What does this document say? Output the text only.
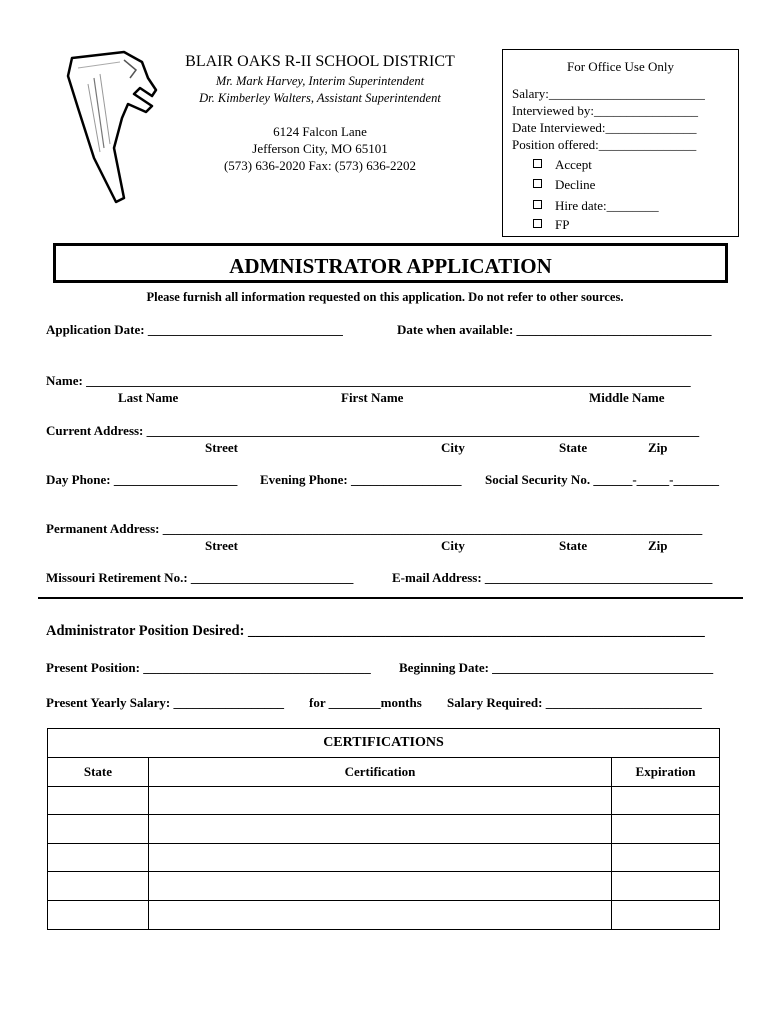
BLAIR OAKS R-II SCHOOL DISTRICT
Mr. Mark Harvey, Interim Superintendent
Dr. Kimberley Walters, Assistant Superintendent
6124 Falcon Lane
Jefferson City, MO 65101
(573) 636-2020 Fax: (573) 636-2202
For Office Use Only
Salary:________________________
Interviewed by:________________
Date Interviewed:______________
Position offered:_______________
Accept
Decline
Hire date:________
FP
ADMNISTRATOR APPLICATION
Please furnish all information requested on this application. Do not refer to other sources.
Application Date: ______________________________	Date when available: ______________________________
Name: _____________________________________________________________________________________________
Last Name	First Name	Middle Name
Current Address: _____________________________________________________________________________________
Street	City	State	Zip
Day Phone: ___________________ Evening Phone: _________________ Social Security No. ______-_____-_______
Permanent Address: ___________________________________________________________________________________
Street	City	State	Zip
Missouri Retirement No.: _________________________	E-mail Address: ___________________________________
Administrator Position Desired: _______________________________________________________________
Present Position: ___________________________________ Beginning Date: __________________________________
Present Yearly Salary: _________________ for ________months Salary Required: ________________________
CERTIFICATIONS		
State	Certification	Expiration
